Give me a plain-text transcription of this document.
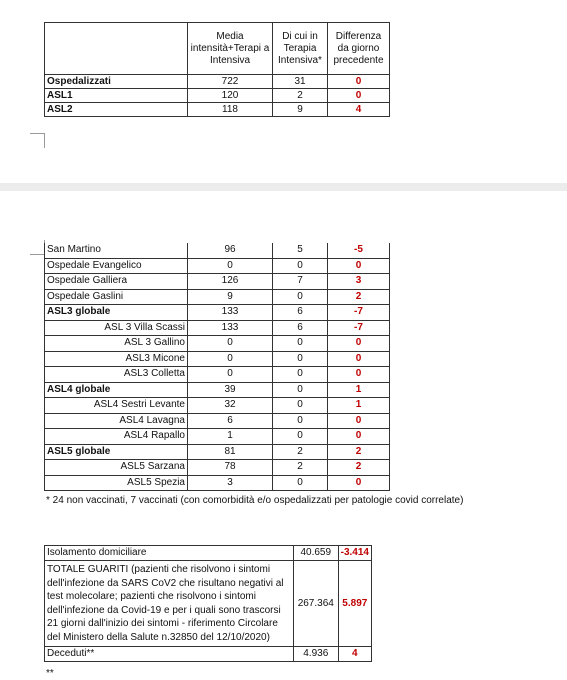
	Media intensità+Terapi a Intensiva	Di cui in Terapia Intensiva*	Differenza da giorno precedente
Ospedalizzati	722	31	0
ASL1	120	2	0
ASL2	118	9	4
San Martino	96	5	-5
Ospedale Evangelico	0	0	0
Ospedale Galliera	126	7	3
Ospedale Gaslini	9	0	2
ASL3 globale	133	6	-7
ASL 3 Villa Scassi	133	6	-7
ASL 3 Gallino	0	0	0
ASL3 Micone	0	0	0
ASL3 Colletta	0	0	0
ASL4 globale	39	0	1
ASL4 Sestri Levante	32	0	1
ASL4 Lavagna	6	0	0
ASL4 Rapallo	1	0	0
ASL5 globale	81	2	2
ASL5 Sarzana	78	2	2
ASL5 Spezia	3	0	0
* 24 non vaccinati, 7 vaccinati (con comorbidità e/o ospedalizzati per patologie covid correlate)
Isolamento domiciliare	40.659	-3.414
TOTALE GUARITI (pazienti che risolvono i sintomi dell'infezione da SARS CoV2 che risultano negativi al test molecolare; pazienti che risolvono i sintomi dell'infezione da Covid-19 e per i quali sono trascorsi 21 giorni dall'inizio dei sintomi - riferimento Circolare del Ministero della Salute n.32850 del 12/10/2020)	267.364	5.897
Deceduti**	4.936	4
**
